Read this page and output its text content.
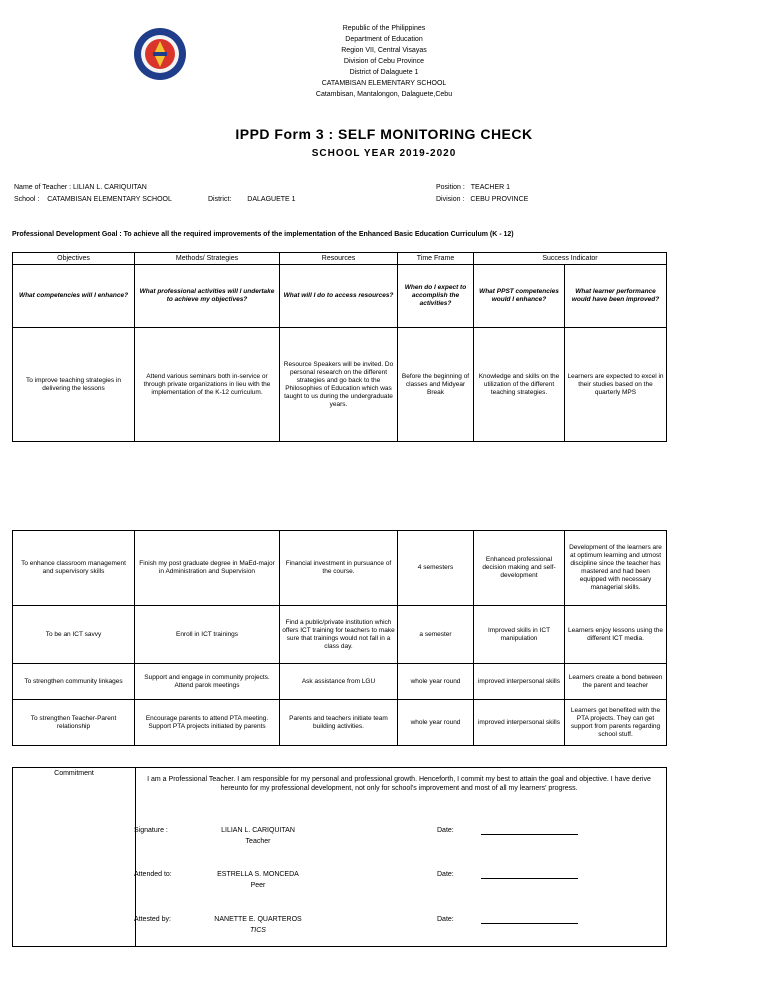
Republic of the Philippines
Department of Education
Region VII, Central Visayas
Division of Cebu Province
District of Dalaguete 1
CATAMBISAN ELEMENTARY SCHOOL
Catambisan, Mantalongon, Dalaguete,Cebu
IPPD Form 3 : SELF MONITORING CHECK
SCHOOL YEAR 2019-2020
Name of Teacher : LILIAN L. CARIQUITAN
School : CATAMBISAN ELEMENTARY SCHOOL	District: DALAGUETE 1
Position : TEACHER 1
Division : CEBU PROVINCE
Professional Development Goal : To achieve all the required improvements of the implementation of the Enhanced Basic Education Curriculum (K - 12)
Objectives	Methods/ Strategies	Resources	Time Frame	Success Indicator	
What competencies will I enhance?	What professional activities will I undertake to achieve my objectives?	What will I do to access resources?	When do I expect to accomplish the activities?	What PPST competencies would I enhance?	What learner performance would have been improved?
To improve teaching strategies in delivering the lessons	Attend various seminars both in-service or through private organizations in lieu with the implementation of the K-12 curriculum.	Resource Speakers will be invited. Do personal research on the different strategies and go back to the Philosophies of Education which was taught to us during the undergraduate years.	Before the beginning of classes and Midyear Break	Knowledge and skills on the utilization of the different teaching strategies.	Learners are expected to excel in their studies based on the quarterly MPS
To enhance classroom management and supervisory skills	Finish my post graduate degree in MaEd-major in Administration and Supervision	Financial investment in pursuance of the course.	4 semesters	Enhanced professional decision making and self-development	Development of the learners are at optimum learning and utmost discipline since the teacher has mastered and had been equipped with necessary managerial skills.
To be an ICT savvy	Enroll in ICT trainings	Find a public/private institution which offers ICT training for teachers to make sure that trainings would not fall in a class day.	a semester	Improved skills in ICT manipulation	Learners enjoy lessons using the different ICT media.
To strengthen community linkages	Support and engage in community projects. Attend parok meetings	Ask assistance from LGU	whole year round	improved interpersonal skills	Learners create a bond between the parent and teacher
To strengthen Teacher-Parent relationship	Encourage parents to attend PTA meeting. Support PTA projects initiated by parents	Parents and teachers initiate team building activities.	whole year round	improved interpersonal skills	Learners get benefited with the PTA projects. They can get support from parents regarding school stuff.
Commitment
I am a Professional Teacher. I am responsible for my personal and professional growth. Henceforth, I commit my best to attain the goal and objective. I have derive hereunto for my professional development, not only for school's improvement and most of all my learners' progress.
Signature :	LILIAN L. CARIQUITAN
Teacher
Date:
Attended to:	ESTRELLA S. MONCEDA
Peer
Date:
Attested by:	NANETTE E. QUARTEROS
TICS
Date:
